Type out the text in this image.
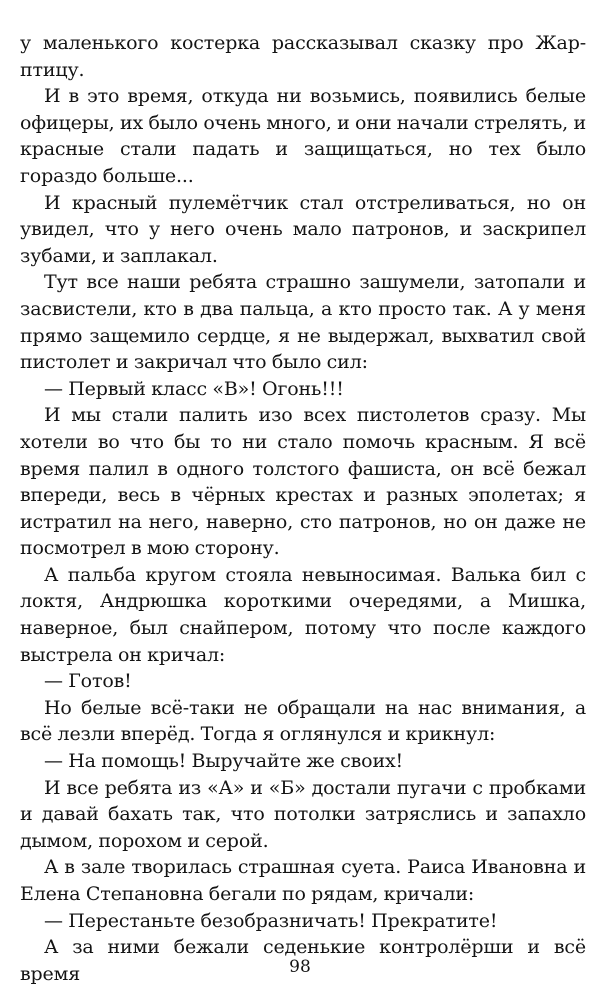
у маленького костерка рассказывал сказку про Жар-птицу.

И в это время, откуда ни возьмись, появились белые офицеры, их было очень много, и они начали стрелять, и красные стали падать и защищаться, но тех было гораздо больше...

И красный пулемётчик стал отстреливаться, но он увидел, что у него очень мало патронов, и заскрипел зубами, и заплакал.

Тут все наши ребята страшно зашумели, затопали и засвистели, кто в два пальца, а кто просто так. А у меня прямо защемило сердце, я не выдержал, выхватил свой пистолет и закричал что было сил:

— Первый класс «В»! Огонь!!!

И мы стали палить изо всех пистолетов сразу. Мы хотели во что бы то ни стало помочь красным. Я всё время палил в одного толстого фашиста, он всё бежал впереди, весь в чёрных крестах и разных эполетах; я истратил на него, наверно, сто патронов, но он даже не посмотрел в мою сторону.

А пальба кругом стояла невыносимая. Валька бил с локтя, Андрюшка короткими очередями, а Мишка, наверное, был снайпером, потому что после каждого выстрела он кричал:

— Готов!

Но белые всё-таки не обращали на нас внимания, а всё лезли вперёд. Тогда я оглянулся и крикнул:

— На помощь! Выручайте же своих!

И все ребята из «А» и «Б» достали пугачи с пробками и давай бахать так, что потолки затряслись и запахло дымом, порохом и серой.

А в зале творилась страшная суета. Раиса Ивановна и Елена Степановна бегали по рядам, кричали:

— Перестаньте безобразничать! Прекратите!

А за ними бежали седенькие контролёрши и всё время	98
